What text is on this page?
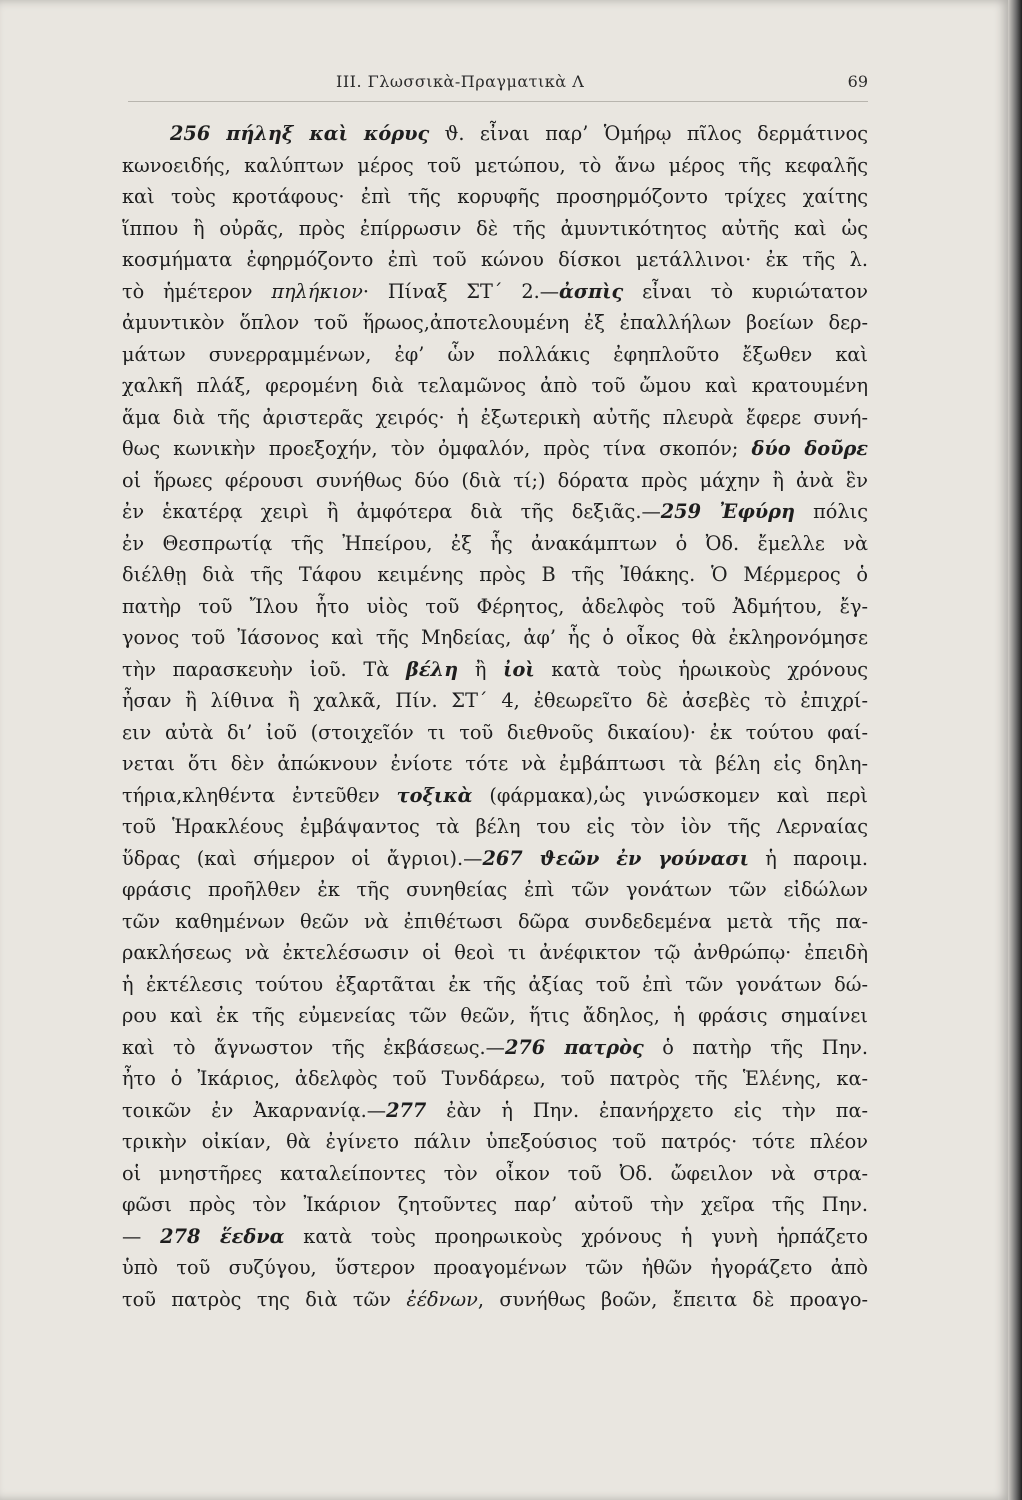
III. Γλωσσικὰ-Πραγματικὰ Λ	69
256 πήληξ καὶ κόρυς ϑ. εἶναι παρ’ Ὁμήρῳ πῖλος δερμάτινος
κωνοειδής, καλύπτων μέρος τοῦ μετώπου, τὸ ἄνω μέρος τῆς κεφαλῆς
καὶ τοὺς κροτάφους· ἐπὶ τῆς κορυφῆς προσηρμόζοντο τρίχες χαίτης
ἵππου ἢ οὐρᾶς, πρὸς ἐπίρρωσιν δὲ τῆς ἀμυντικότητος αὐτῆς καὶ ὡς
κοσμήματα ἐφηρμόζοντο ἐπὶ τοῦ κώνου δίσκοι μετάλλινοι· ἐκ τῆς λ.
τὸ ἡμέτερον πηλήκιον· Πίναξ ΣΤ΄ 2.—ἀσπὶς εἶναι τὸ κυριώτατον
ἀμυντικὸν ὅπλον τοῦ ἥρωος,ἀποτελουμένη ἐξ ἐπαλλήλων βοείων δερ-
μάτων συνερραμμένων, ἐφ’ ὧν πολλάκις ἐφηπλοῦτο ἔξωθεν καὶ
χαλκῆ πλάξ, φερομένη διὰ τελαμῶνος ἀπὸ τοῦ ὤμου καὶ κρατουμένη
ἅμα διὰ τῆς ἀριστερᾶς χειρός· ἡ ἐξωτερικὴ αὐτῆς πλευρὰ ἔφερε συνή-
θως κωνικὴν προεξοχήν, τὸν ὀμφαλόν, πρὸς τίνα σκοπόν; δύο δοῦρε
οἱ ἥρωες φέρουσι συνήθως δύο (διὰ τί;) δόρατα πρὸς μάχην ἢ ἀνὰ ἓν
ἐν ἑκατέρᾳ χειρὶ ἢ ἀμφότερα διὰ τῆς δεξιᾶς.—259 Ἐφύρη πόλις
ἐν Θεσπρωτίᾳ τῆς Ἠπείρου, ἐξ ἧς ἀνακάμπτων ὁ Ὀδ. ἔμελλε νὰ
διέλθῃ διὰ τῆς Τάφου κειμένης πρὸς Β τῆς Ἰθάκης. Ὁ Μέρμερος ὁ
πατὴρ τοῦ Ἴλου ἦτο υἱὸς τοῦ Φέρητος, ἀδελφὸς τοῦ Ἀδμήτου, ἔγ-
γονος τοῦ Ἰάσονος καὶ τῆς Μηδείας, ἀφ’ ἧς ὁ οἶκος θὰ ἐκληρονόμησε
τὴν παρασκευὴν ἰοῦ. Τὰ βέλη ἢ ἰοὶ κατὰ τοὺς ἡρωικοὺς χρόνους
ἦσαν ἢ λίθινα ἢ χαλκᾶ, Πίν. ΣΤ΄ 4, ἐθεωρεῖτο δὲ ἀσεβὲς τὸ ἐπιχρί-
ειν αὐτὰ δι’ ἰοῦ (στοιχεῖόν τι τοῦ διεθνοῦς δικαίου)· ἐκ τούτου φαί-
νεται ὅτι δὲν ἀπώκνουν ἐνίοτε τότε νὰ ἐμβάπτωσι τὰ βέλη εἰς δηλη-
τήρια,κληθέντα ἐντεῦθεν τοξικὰ (φάρμακα),ὡς γινώσκομεν καὶ περὶ
τοῦ Ἡρακλέους ἐμβάψαντος τὰ βέλη του εἰς τὸν ἰὸν τῆς Λερναίας
ὕδρας (καὶ σήμερον οἱ ἄγριοι).—267 ϑεῶν ἐν γούνασι ἡ παροιμ.
φράσις προῆλθεν ἐκ τῆς συνηθείας ἐπὶ τῶν γονάτων τῶν εἰδώλων
τῶν καθημένων θεῶν νὰ ἐπιθέτωσι δῶρα συνδεδεμένα μετὰ τῆς πα-
ρακλήσεως νὰ ἐκτελέσωσιν οἱ θεοὶ τι ἀνέφικτον τῷ ἀνθρώπῳ· ἐπειδὴ
ἡ ἐκτέλεσις τούτου ἐξαρτᾶται ἐκ τῆς ἀξίας τοῦ ἐπὶ τῶν γονάτων δώ-
ρου καὶ ἐκ τῆς εὐμενείας τῶν θεῶν, ἥτις ἄδηλος, ἡ φράσις σημαίνει
καὶ τὸ ἄγνωστον τῆς ἐκβάσεως.—276 πατρὸς ὁ πατὴρ τῆς Πην.
ἦτο ὁ Ἰκάριος, ἀδελφὸς τοῦ Τυνδάρεω, τοῦ πατρὸς τῆς Ἑλένης, κα-
τοικῶν ἐν Ἀκαρνανίᾳ.—277 ἐὰν ἡ Πην. ἐπανήρχετο εἰς τὴν πα-
τρικὴν οἰκίαν, θὰ ἐγίνετο πάλιν ὑπεξούσιος τοῦ πατρός· τότε πλέον
οἱ μνηστῆρες καταλείποντες τὸν οἶκον τοῦ Ὀδ. ὤφειλον νὰ στρα-
φῶσι πρὸς τὸν Ἰκάριον ζητοῦντες παρ’ αὐτοῦ τὴν χεῖρα τῆς Πην.
— 278 ἕεδνα κατὰ τοὺς προηρωικοὺς χρόνους ἡ γυνὴ ἡρπάζετο
ὑπὸ τοῦ συζύγου, ὕστερον προαγομένων τῶν ἠθῶν ἠγοράζετο ἀπὸ
τοῦ πατρὸς της διὰ τῶν ἐέδνων, συνήθως βοῶν, ἔπειτα δὲ προαγο-
